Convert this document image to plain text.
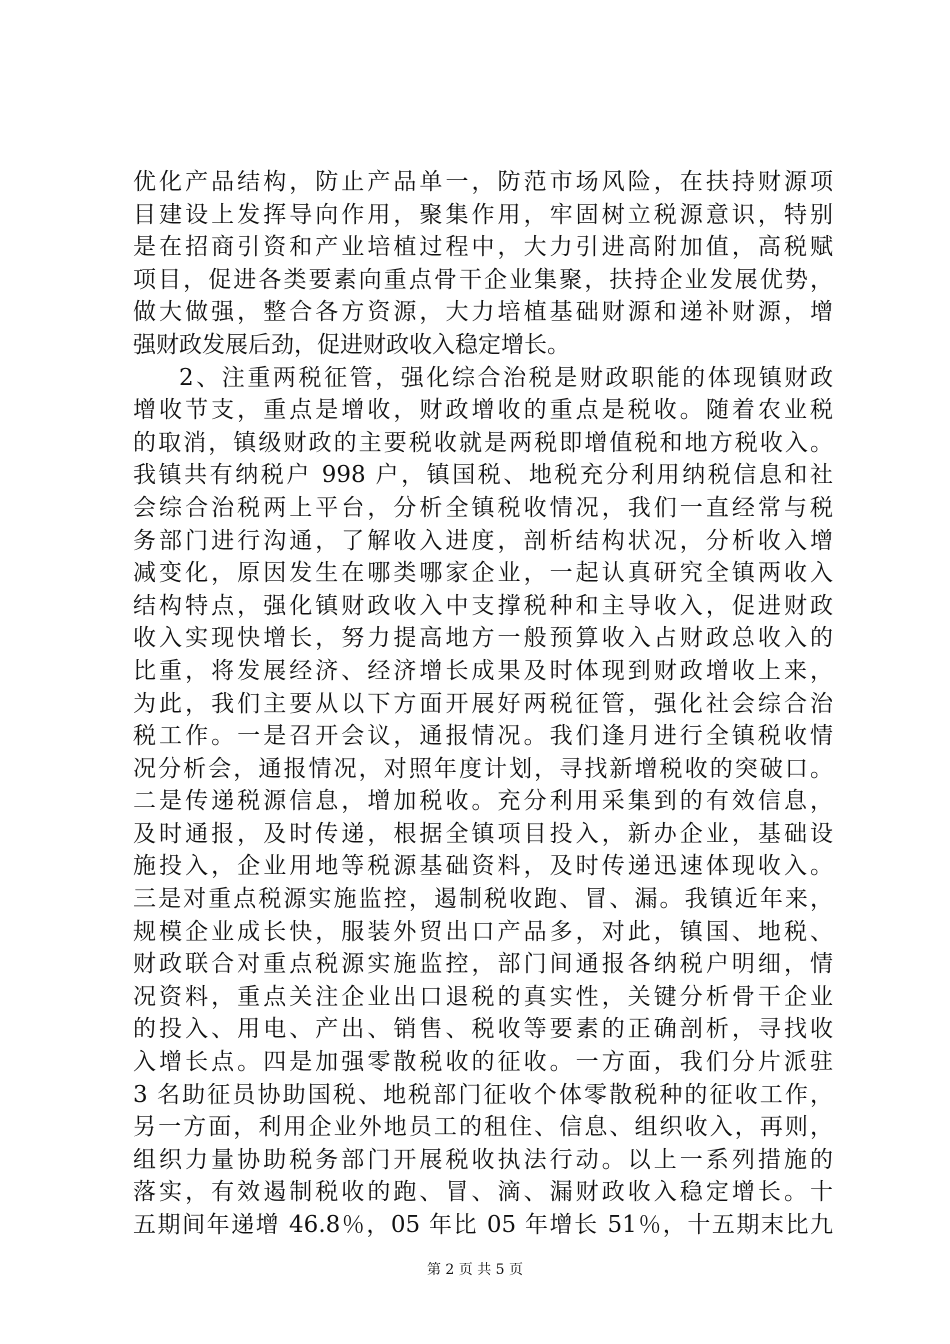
优化产品结构，防止产品单一，防范市场风险，在扶持财源项
目建设上发挥导向作用，聚集作用，牢固树立税源意识，特别
是在招商引资和产业培植过程中，大力引进高附加值，高税赋
项目，促进各类要素向重点骨干企业集聚，扶持企业发展优势，
做大做强，整合各方资源，大力培植基础财源和递补财源，增
强财政发展后劲，促进财政收入稳定增长。
2、注重两税征管，强化综合治税是财政职能的体现镇财政
增收节支，重点是增收，财政增收的重点是税收。随着农业税
的取消，镇级财政的主要税收就是两税即增值税和地方税收入。
我镇共有纳税户 998 户，镇国税、地税充分利用纳税信息和社
会综合治税两上平台，分析全镇税收情况，我们一直经常与税
务部门进行沟通，了解收入进度，剖析结构状况，分析收入增
减变化，原因发生在哪类哪家企业，一起认真研究全镇两收入
结构特点，强化镇财政收入中支撑税种和主导收入，促进财政
收入实现快增长，努力提高地方一般预算收入占财政总收入的
比重，将发展经济、经济增长成果及时体现到财政增收上来，
为此，我们主要从以下方面开展好两税征管，强化社会综合治
税工作。一是召开会议，通报情况。我们逢月进行全镇税收情
况分析会，通报情况，对照年度计划，寻找新增税收的突破口。
二是传递税源信息，增加税收。充分利用采集到的有效信息，
及时通报，及时传递，根据全镇项目投入，新办企业，基础设
施投入，企业用地等税源基础资料，及时传递迅速体现收入。
三是对重点税源实施监控，遏制税收跑、冒、漏。我镇近年来，
规模企业成长快，服装外贸出口产品多，对此，镇国、地税、
财政联合对重点税源实施监控，部门间通报各纳税户明细，情
况资料，重点关注企业出口退税的真实性，关键分析骨干企业
的投入、用电、产出、销售、税收等要素的正确剖析，寻找收
入增长点。四是加强零散税收的征收。一方面，我们分片派驻
3 名助征员协助国税、地税部门征收个体零散税种的征收工作，
另一方面，利用企业外地员工的租住、信息、组织收入，再则，
组织力量协助税务部门开展税收执法行动。以上一系列措施的
落实，有效遏制税收的跑、冒、滴、漏财政收入稳定增长。十
五期间年递增 46.8％，05 年比 05 年增长 51％，十五期末比九
第 2 页 共 5 页
